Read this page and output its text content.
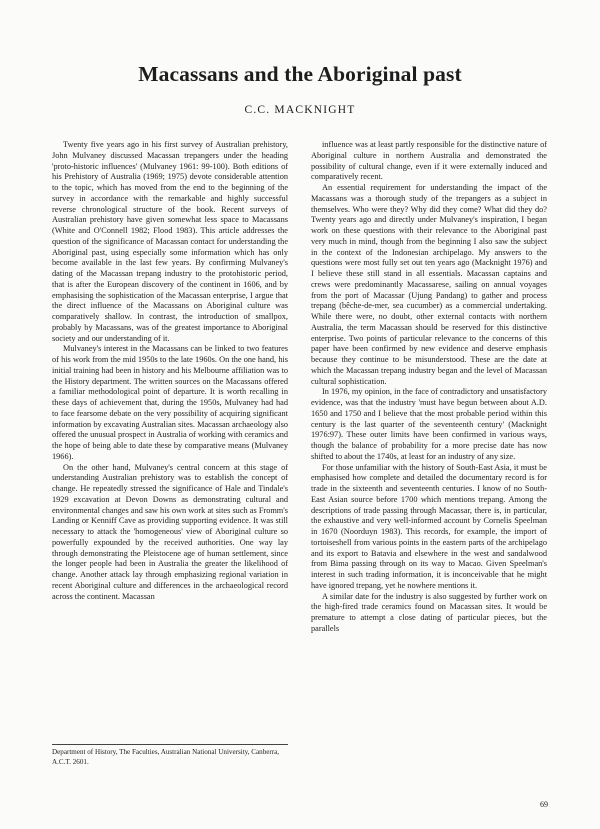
Macassans and the Aboriginal past
C.C. MACKNIGHT

Twenty five years ago in his first survey of Australian prehistory, John Mulvaney discussed Macassan trepangers under the heading 'proto-historic influences' (Mulvaney 1961: 99-100). Both editions of his Prehistory of Australia (1969; 1975) devote considerable attention to the topic, which has moved from the end to the beginning of the survey in accordance with the remarkable and highly successful reverse chronological structure of the book. Recent surveys of Australian prehistory have given somewhat less space to Macassans (White and O'Connell 1982; Flood 1983). This article addresses the question of the significance of Macassan contact for understanding the Aboriginal past, using especially some information which has only become available in the last few years. By confirming Mulvaney's dating of the Macassan trepang industry to the protohistoric period, that is after the European discovery of the continent in 1606, and by emphasising the sophistication of the Macassan enterprise, I argue that the direct influence of the Macassans on Aboriginal culture was comparatively shallow. In contrast, the introduction of smallpox, probably by Macassans, was of the greatest importance to Aboriginal society and our understanding of it.

Mulvaney's interest in the Macassans can be linked to two features of his work from the mid 1950s to the late 1960s. On the one hand, his initial training had been in history and his Melbourne affiliation was to the History department. The written sources on the Macassans offered a familiar methodological point of departure. It is worth recalling in these days of achievement that, during the 1950s, Mulvaney had had to face fearsome debate on the very possibility of acquiring significant information by excavating Australian sites. Macassan archaeology also offered the unusual prospect in Australia of working with ceramics and the hope of being able to date these by comparative means (Mulvaney 1966).

On the other hand, Mulvaney's central concern at this stage of understanding Australian prehistory was to establish the concept of change. He repeatedly stressed the significance of Hale and Tindale's 1929 excavation at Devon Downs as demonstrating cultural and environmental changes and saw his own work at sites such as Fromm's Landing or Kenniff Cave as providing supporting evidence. It was still necessary to attack the 'homogeneous' view of Aboriginal culture so powerfully expounded by the received authorities. One way lay through demonstrating the Pleistocene age of human settlement, since the longer people had been in Australia the greater the likelihood of change. Another attack lay through emphasizing regional variation in recent Aboriginal culture and differences in the archaeological record across the continent. Macassan

influence was at least partly responsible for the distinctive nature of Aboriginal culture in northern Australia and demonstrated the possibility of cultural change, even if it were externally induced and comparatively recent.

An essential requirement for understanding the impact of the Macassans was a thorough study of the trepangers as a subject in themselves. Who were they? Why did they come? What did they do? Twenty years ago and directly under Mulvaney's inspiration, I began work on these questions with their relevance to the Aboriginal past very much in mind, though from the beginning I also saw the subject in the context of the Indonesian archipelago. My answers to the questions were most fully set out ten years ago (Macknight 1976) and I believe these still stand in all essentials. Macassan captains and crews were predominantly Macassarese, sailing on annual voyages from the port of Macassar (Ujung Pandang) to gather and process trepang (bêche-de-mer, sea cucumber) as a commercial undertaking. While there were, no doubt, other external contacts with northern Australia, the term Macassan should be reserved for this distinctive enterprise. Two points of particular relevance to the concerns of this paper have been confirmed by new evidence and deserve emphasis because they continue to be misunderstood. These are the date at which the Macassan trepang industry began and the level of Macassan cultural sophistication.

In 1976, my opinion, in the face of contradictory and unsatisfactory evidence, was that the industry 'must have begun between about A.D. 1650 and 1750 and I believe that the most probable period within this century is the last quarter of the seventeenth century' (Macknight 1976:97). These outer limits have been confirmed in various ways, though the balance of probability for a more precise date has now shifted to about the 1740s, at least for an industry of any size.

For those unfamiliar with the history of South-East Asia, it must be emphasised how complete and detailed the documentary record is for trade in the sixteenth and seventeenth centuries. I know of no South-East Asian source before 1700 which mentions trepang. Among the descriptions of trade passing through Macassar, there is, in particular, the exhaustive and very well-informed account by Cornelis Speelman in 1670 (Noorduyn 1983). This records, for example, the import of tortoiseshell from various points in the eastern parts of the archipelago and its export to Batavia and elsewhere in the west and sandalwood from Bima passing through on its way to Macao. Given Speelman's interest in such trading information, it is inconceivable that he might have ignored trepang, yet he nowhere mentions it.

A similar date for the industry is also suggested by further work on the high-fired trade ceramics found on Macassan sites. It would be premature to attempt a close dating of particular pieces, but the parallels

Department of History, The Faculties, Australian National University, Canberra, A.C.T. 2601.
69
